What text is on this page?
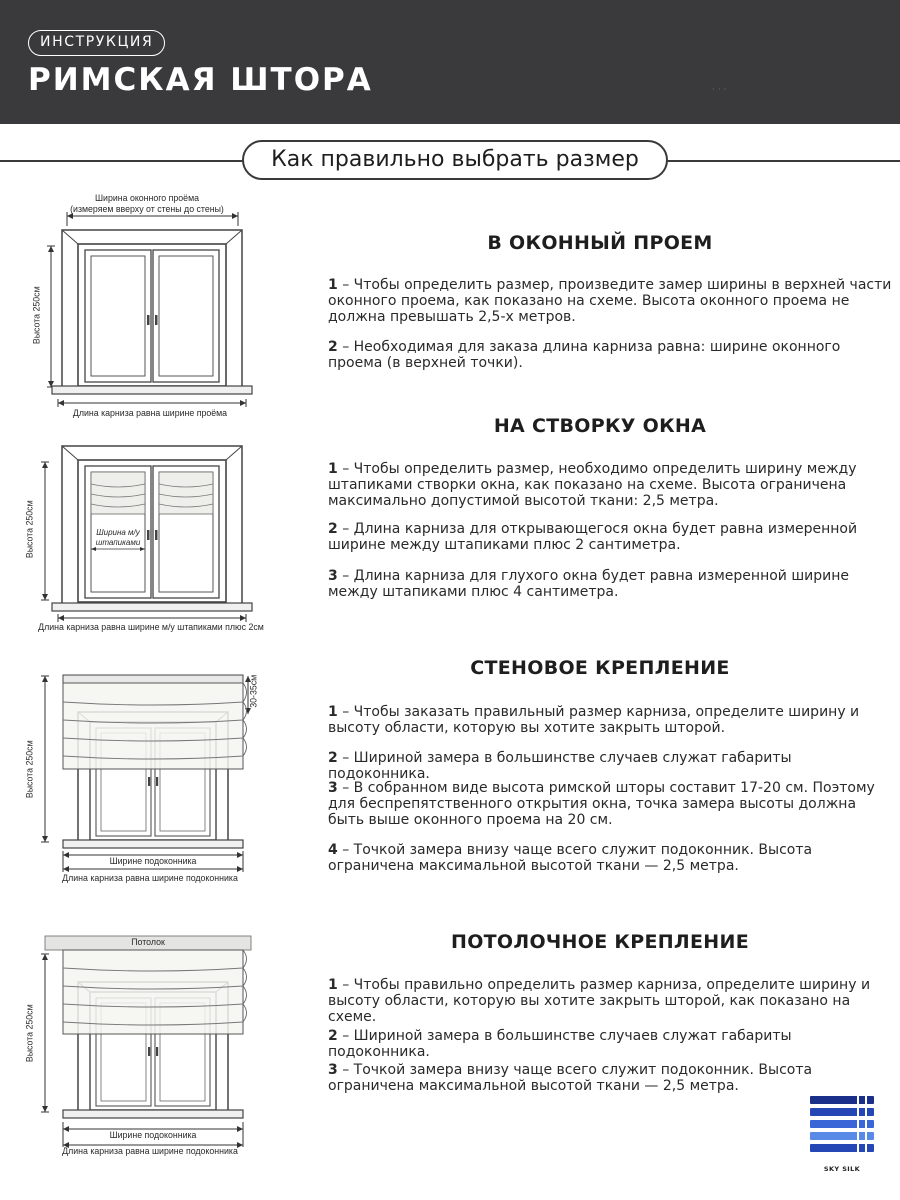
ИНСТРУКЦИЯ
РИМСКАЯ ШТОРА	· · ·
Как правильно выбрать размер
Ширина оконного проёма
(измеряем вверху от стены до стены)
Высота 250см
Длина карниза равна ширине проёма
В ОКОННЫЙ ПРОЕМ
1 – Чтобы определить размер, произведите замер ширины в верхней части оконного проема, как показано на схеме. Высота оконного проема не должна превышать 2,5-х метров.
2 – Необходимая для заказа длина карниза равна: ширине оконного проема (в верхней точки).
Ширина м/у штапиками
Высота 250см
Длина карниза равна ширине м/у штапиками плюс 2см
НА СТВОРКУ ОКНА
1 – Чтобы определить размер, необходимо определить ширину между штапиками створки окна, как показано на схеме. Высота ограничена максимально допустимой высотой ткани: 2,5 метра.
2 – Длина карниза для открывающегося окна будет равна измеренной ширине между штапиками плюс 2 сантиметра.
3 – Длина карниза для глухого окна будет равна измеренной ширине между штапиками плюс 4 сантиметра.
30-35см
Высота 250см
Ширине подоконника
Длина карниза равна ширине подоконника
СТЕНОВОЕ КРЕПЛЕНИЕ
1 – Чтобы заказать правильный размер карниза, определите ширину и высоту области, которую вы хотите закрыть шторой.
2 – Шириной замера в большинстве случаев служат габариты подоконника.
3 – В собранном виде высота римской шторы составит 17-20 см. Поэтому для беспрепятственного открытия окна, точка замера высоты должна быть выше оконного проема на 20 см.
4 – Точкой замера внизу чаще всего служит подоконник. Высота ограничена максимальной высотой ткани — 2,5 метра.
Потолок
Высота 250см
Ширине подоконника
Длина карниза равна ширине подоконника
ПОТОЛОЧНОЕ КРЕПЛЕНИЕ
1 – Чтобы правильно определить размер карниза, определите ширину и высоту области, которую вы хотите закрыть шторой, как показано на схеме.
2 – Шириной замера в большинстве случаев служат габариты подоконника.
3 – Точкой замера внизу чаще всего служит подоконник. Высота ограничена максимальной высотой ткани — 2,5 метра.
SKY SILK
